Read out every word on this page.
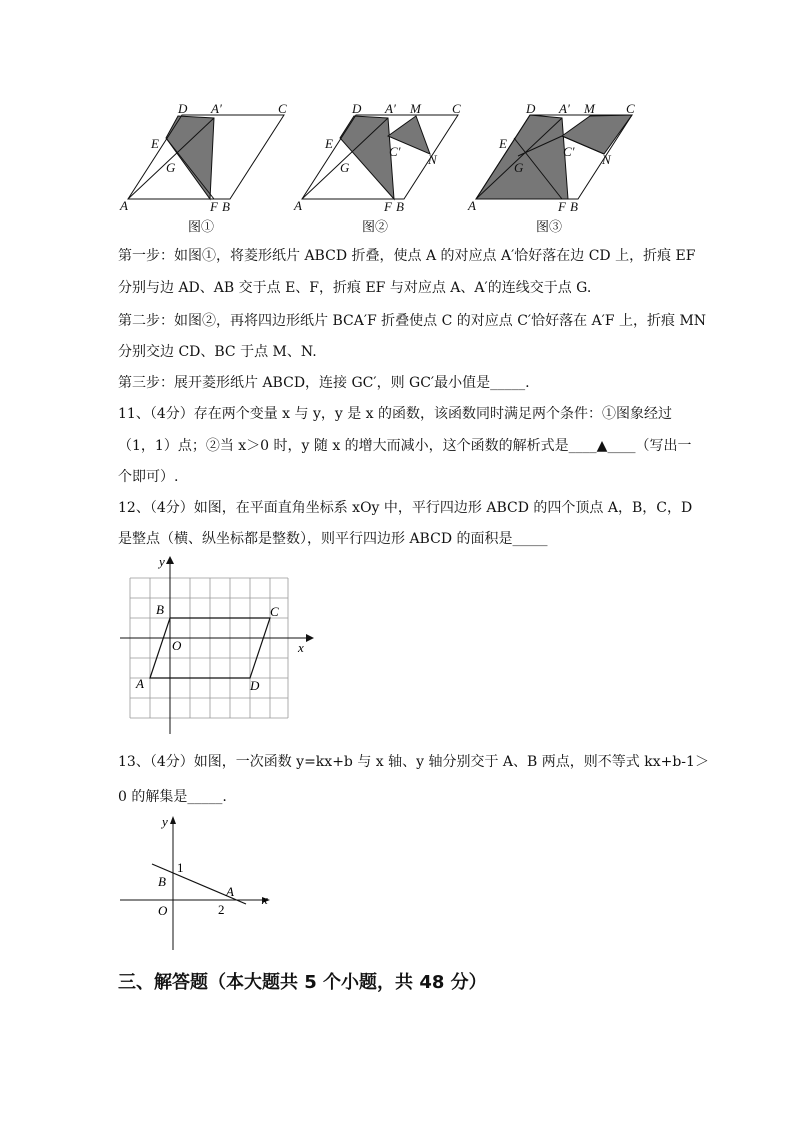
D A′	C
E
G
A	F B
图①
D A′ M C
C′
N
E
G
A	F B
图②
D A′ M C
C′
N
E
G
A	F B
图③
第一步：如图①，将菱形纸片 ABCD 折叠，使点 A 的对应点 A′恰好落在边 CD 上，折痕 EF
分别与边 AD、AB 交于点 E、F，折痕 EF 与对应点 A、A′的连线交于点 G.
第二步：如图②，再将四边形纸片 BCA′F 折叠使点 C 的对应点 C′恰好落在 A′F 上，折痕 MN
分别交边 CD、BC 于点 M、N.
第三步：展开菱形纸片 ABCD，连接 GC′，则 GC′最小值是_____.
11、（4分）存在两个变量 x 与 y，y 是 x 的函数，该函数同时满足两个条件：①图象经过
（1，1）点；②当 x＞0 时，y 随 x 的增大而减小，这个函数的解析式是____▲____（写出一
个即可）.
12、（4分）如图，在平面直角坐标系 xOy 中，平行四边形 ABCD 的四个顶点 A，B，C，D
是整点（横、纵坐标都是整数），则平行四边形 ABCD 的面积是_____
y
x
O
A
B	C
D
13、（4分）如图，一次函数 y=kx+b 与 x 轴、y 轴分别交于 A、B 两点，则不等式 kx+b-1＞
0 的解集是_____.
y
x
O
B
1
A
2
三、解答题（本大题共 5 个小题，共 48 分）
